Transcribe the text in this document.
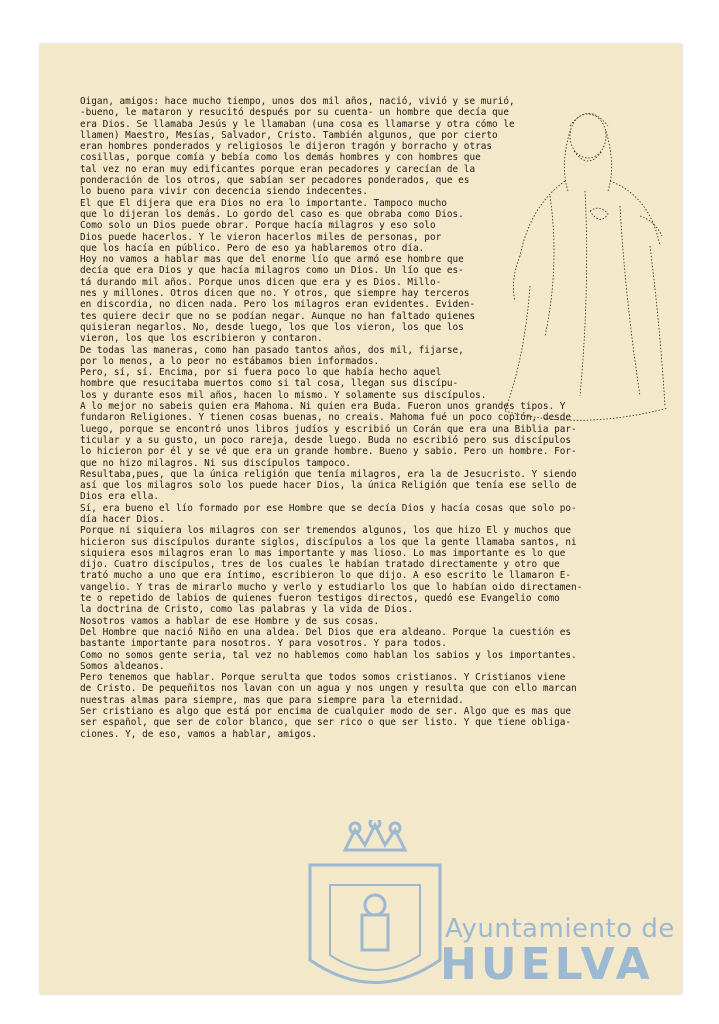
Oigan, amigos: hace mucho tiempo, unos dos mil años, nació, vivió y se murió,

-bueno, le mataron y resucitó después por su cuenta- un hombre que decía que

era Dios. Se llamaba Jesús y le llamaban (una cosa es llamarse y otra cómo le

llamen) Maestro, Mesías, Salvador, Cristo. También algunos, que por cierto

eran hombres ponderados y religiosos le dijeron tragón y borracho y otras

cosillas, porque comía y bebía como los demás hombres y con hombres que

tal vez no eran muy edificantes porque eran pecadores y carecían de la

ponderación de los otros, que sabían ser pecadores ponderados, que es

lo bueno para vivir con decencia siendo indecentes.

El que El dijera que era Dios no era lo importante. Tampoco mucho

que lo dijeran los demás. Lo gordo del caso es que obraba como Dios.

Como solo un Dios puede obrar. Porque hacía milagros y eso solo

Dios puede hacerlos. Y le vieron hacerlos miles de personas, por

que los hacía en público. Pero de eso ya hablaremos otro día.

Hoy no vamos a hablar mas que del enorme lío que armó ese hombre que

decía que era Dios y que hacía milagros como un Dios. Un lío que es-

tá durando mil años. Porque unos dicen que era y es Dios. Millo-

nes y millones. Otros dicen que no. Y otros, que siempre hay terceros

en discordia, no dicen nada. Pero los milagros eran evidentes. Eviden-

tes quiere decir que no se podían negar. Aunque no han faltado quienes

quisieran negarlos. No, desde luego, los que los vieron, los que los

vieron, los que los escribieron y contaron.

De todas las maneras, como han pasado tantos años, dos mil, fijarse,

por lo menos, a lo peor no estábamos bien informados.

Pero, sí, sí. Encima, por si fuera poco lo que había hecho aquel

hombre que resucitaba muertos como si tal cosa, llegan sus discípu-

los y durante esos mil años, hacen lo mismo. Y solamente sus discípulos.

A lo mejor no sabeis quien era Mahoma. Ni quien era Buda. Fueron unos grandes tipos. Y

fundaron Religiones. Y tienen cosas buenas, no creais. Mahoma fué un poco copión, desde

luego, porque se encontró unos libros judíos y escribió un Corán que era una Biblia par-

ticular y a su gusto, un poco rareja, desde luego. Buda no escribió pero sus discípulos

lo hicieron por él y se vé que era un grande hombre. Bueno y sabio. Pero un hombre. For-

que no hizo milagros. Ni sus discípulos tampoco.

Resultaba,pues, que la única religión que tenía milagros, era la de Jesucristo. Y siendo

así que los milagros solo los puede hacer Dios, la única Religión que tenía ese sello de

Dios era ella.

Sí, era bueno el lío formado por ese Hombre que se decía Dios y hacía cosas que solo po-

día hacer Dios.

Porque ni siquiera los milagros con ser tremendos algunos, los que hizo El y muchos que

hicieron sus discípulos durante siglos, discípulos a los que la gente llamaba santos, ni

siquiera esos milagros eran lo mas importante y mas lioso. Lo mas importante es lo que

dijo. Cuatro discípulos, tres de los cuales le habían tratado directamente y otro que

trató mucho a uno que era íntimo, escribieron lo que dijo. A eso escrito le llamaron E-

vangelio. Y tras de mirarlo mucho y verlo y estudiarlo los que lo habían oido directamen-

te o repetido de labios de quienes fueron testigos directos, quedó ese Evangelio como

la doctrina de Cristo, como las palabras y la vida de Dios.

Nosotros vamos a hablar de ese Hombre y de sus cosas.

Del Hombre que nació Niño en una aldea. Del Dios que era aldeano. Porque la cuestión es

bastante importante para nosotros. Y para vosotros. Y para todos.

Como no somos gente seria, tal vez no hablemos como hablan los sabios y los importantes.

Somos aldeanos.

Pero tenemos que hablar. Porque serulta que todos somos cristianos. Y Cristianos viene

de Cristo. De pequeñitos nos lavan con un agua y nos ungen y resulta que con ello marcan

nuestras almas para siempre, mas que para siempre para la eternidad.

Ser cristiano es algo que está por encima de cualquier modo de ser. Algo que es mas que

ser español, que ser de color blanco, que ser rico o que ser listo. Y que tiene obliga-

ciones. Y, de eso, vamos a hablar, amigos.

Ayuntamiento de
HUELVA
